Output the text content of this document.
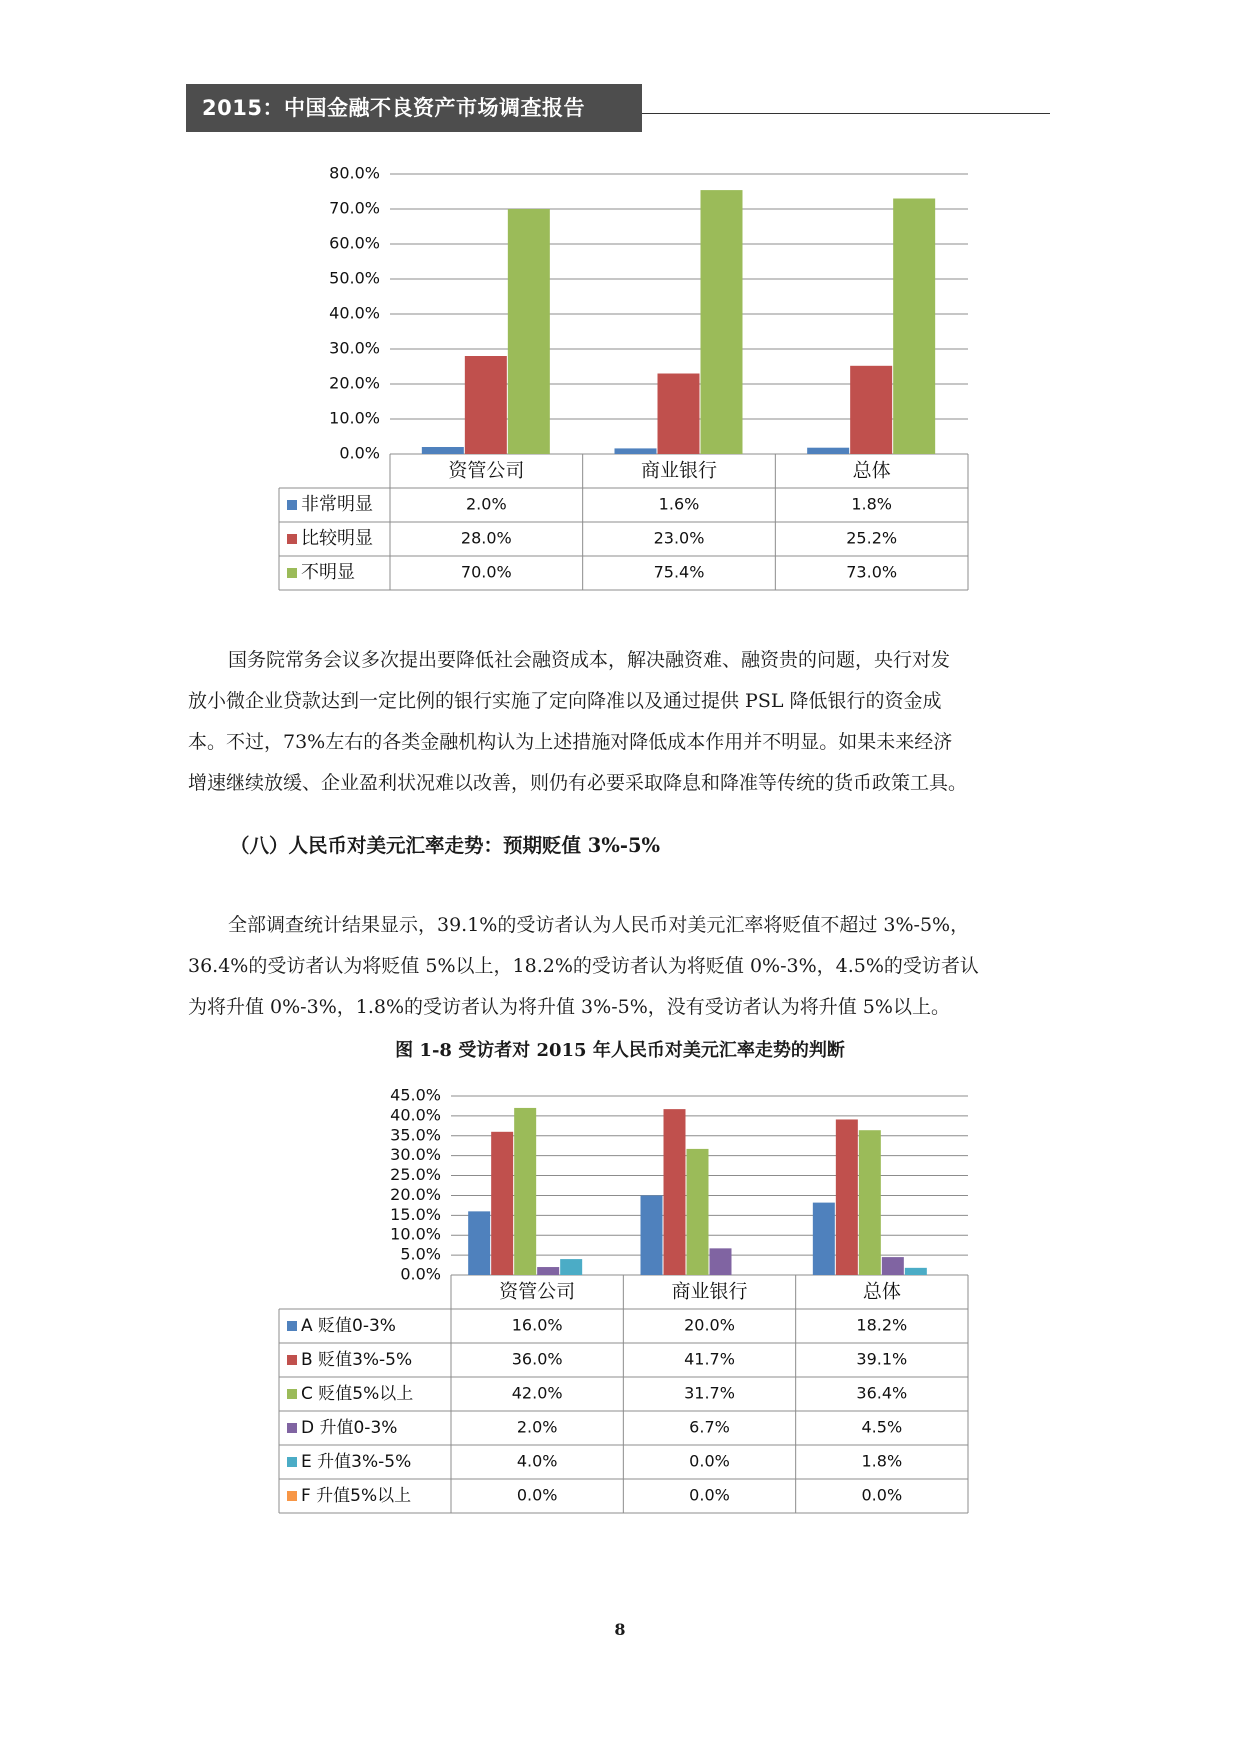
2015：中国金融不良资产市场调查报告
0.0%
10.0%
20.0%
30.0%
40.0%
50.0%
60.0%
70.0%
80.0%
资管公司	商业银行	总体
非常明显	2.0%	1.6%	1.8%
比较明显	28.0%	23.0%	25.2%
不明显	70.0%	75.4%	73.0%
国务院常务会议多次提出要降低社会融资成本，解决融资难、融资贵的问题，央行对发
放小微企业贷款达到一定比例的银行实施了定向降准以及通过提供 PSL 降低银行的资金成
本。不过，73%左右的各类金融机构认为上述措施对降低成本作用并不明显。如果未来经济
增速继续放缓、企业盈利状况难以改善，则仍有必要采取降息和降准等传统的货币政策工具。

（八）人民币对美元汇率走势：预期贬值 3%-5%

全部调查统计结果显示，39.1%的受访者认为人民币对美元汇率将贬值不超过 3%-5%，
36.4%的受访者认为将贬值 5%以上，18.2%的受访者认为将贬值 0%-3%，4.5%的受访者认
为将升值 0%-3%，1.8%的受访者认为将升值 3%-5%，没有受访者认为将升值 5%以上。

图 1-8 受访者对 2015 年人民币对美元汇率走势的判断

0.0%
5.0%
10.0%
15.0%
20.0%
25.0%
30.0%
35.0%
40.0%
45.0%
资管公司	商业银行	总体
A 贬值0-3%	16.0%	20.0%	18.2%
B 贬值3%-5%	36.0%	41.7%	39.1%
C 贬值5%以上	42.0%	31.7%	36.4%
D 升值0-3%	2.0%	6.7%	4.5%
E 升值3%-5%	4.0%	0.0%	1.8%
F 升值5%以上	0.0%	0.0%	0.0%

8
